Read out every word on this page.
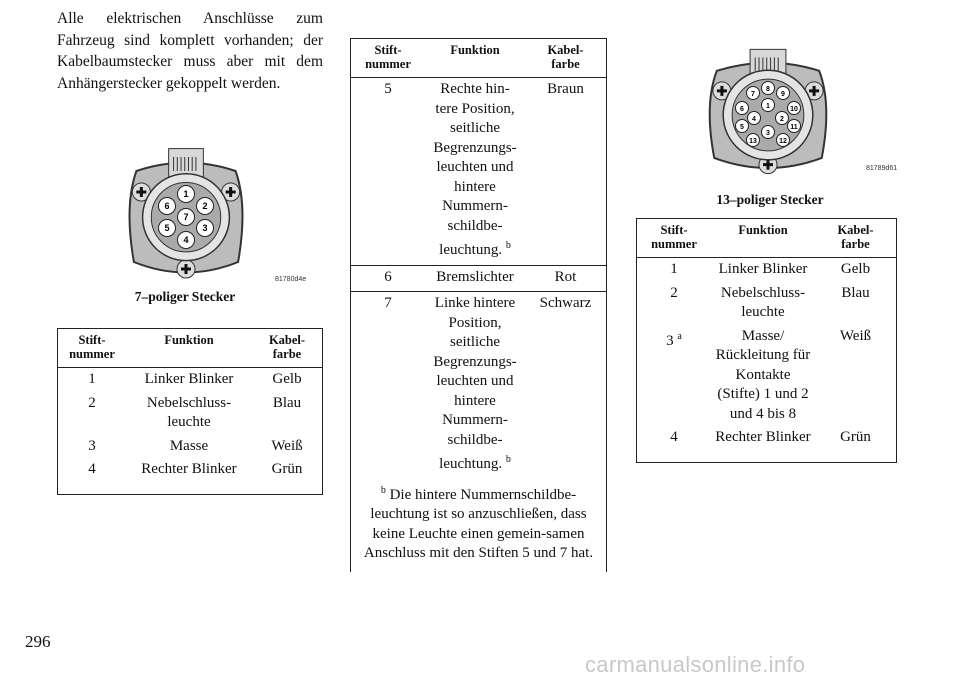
Alle elektrischen Anschlüsse zum Fahrzeug sind komplett vorhanden; der Kabelbaumstecker muss aber mit dem Anhängerstecker gekoppelt werden.
1
2
3
4
5
6
7
81780d4e
7–poliger Stecker
Stift-
nummer	Funktion	Kabel-
farbe
1	Linker Blinker	Gelb
2	Nebelschluss-leuchte	Blau
3	Masse	Weiß
4	Rechter Blinker	Grün
Stift-
nummer	Funktion	Kabel-
farbe
5	Rechte hin-tere Position, seitliche Begrenzungs-leuchten und hintere Nummern-schildbe-leuchtung. $^b$	Braun
6	Bremslichter	Rot
7	Linke hintere Position, seitliche Begrenzungs-leuchten und hintere Nummern-schildbe-leuchtung. $^b$	Schwarz
$^b$ Die hintere Nummernschildbe-leuchtung ist so anzuschließen, dass keine Leuchte einen gemein-samen Anschluss mit den Stiften 5 und 7 hat.		
1
2
3
4
5
6
7
8
9
10
11
12
13
81789d61
13–poliger Stecker
Stift-
nummer	Funktion	Kabel-
farbe
1	Linker Blinker	Gelb
2	Nebelschluss-leuchte	Blau
3 $^a$	Masse/ Rückleitung für Kontakte (Stifte) 1 und 2 und 4 bis 8	Weiß
4	Rechter Blinker	Grün
296
carmanualsonline.info
